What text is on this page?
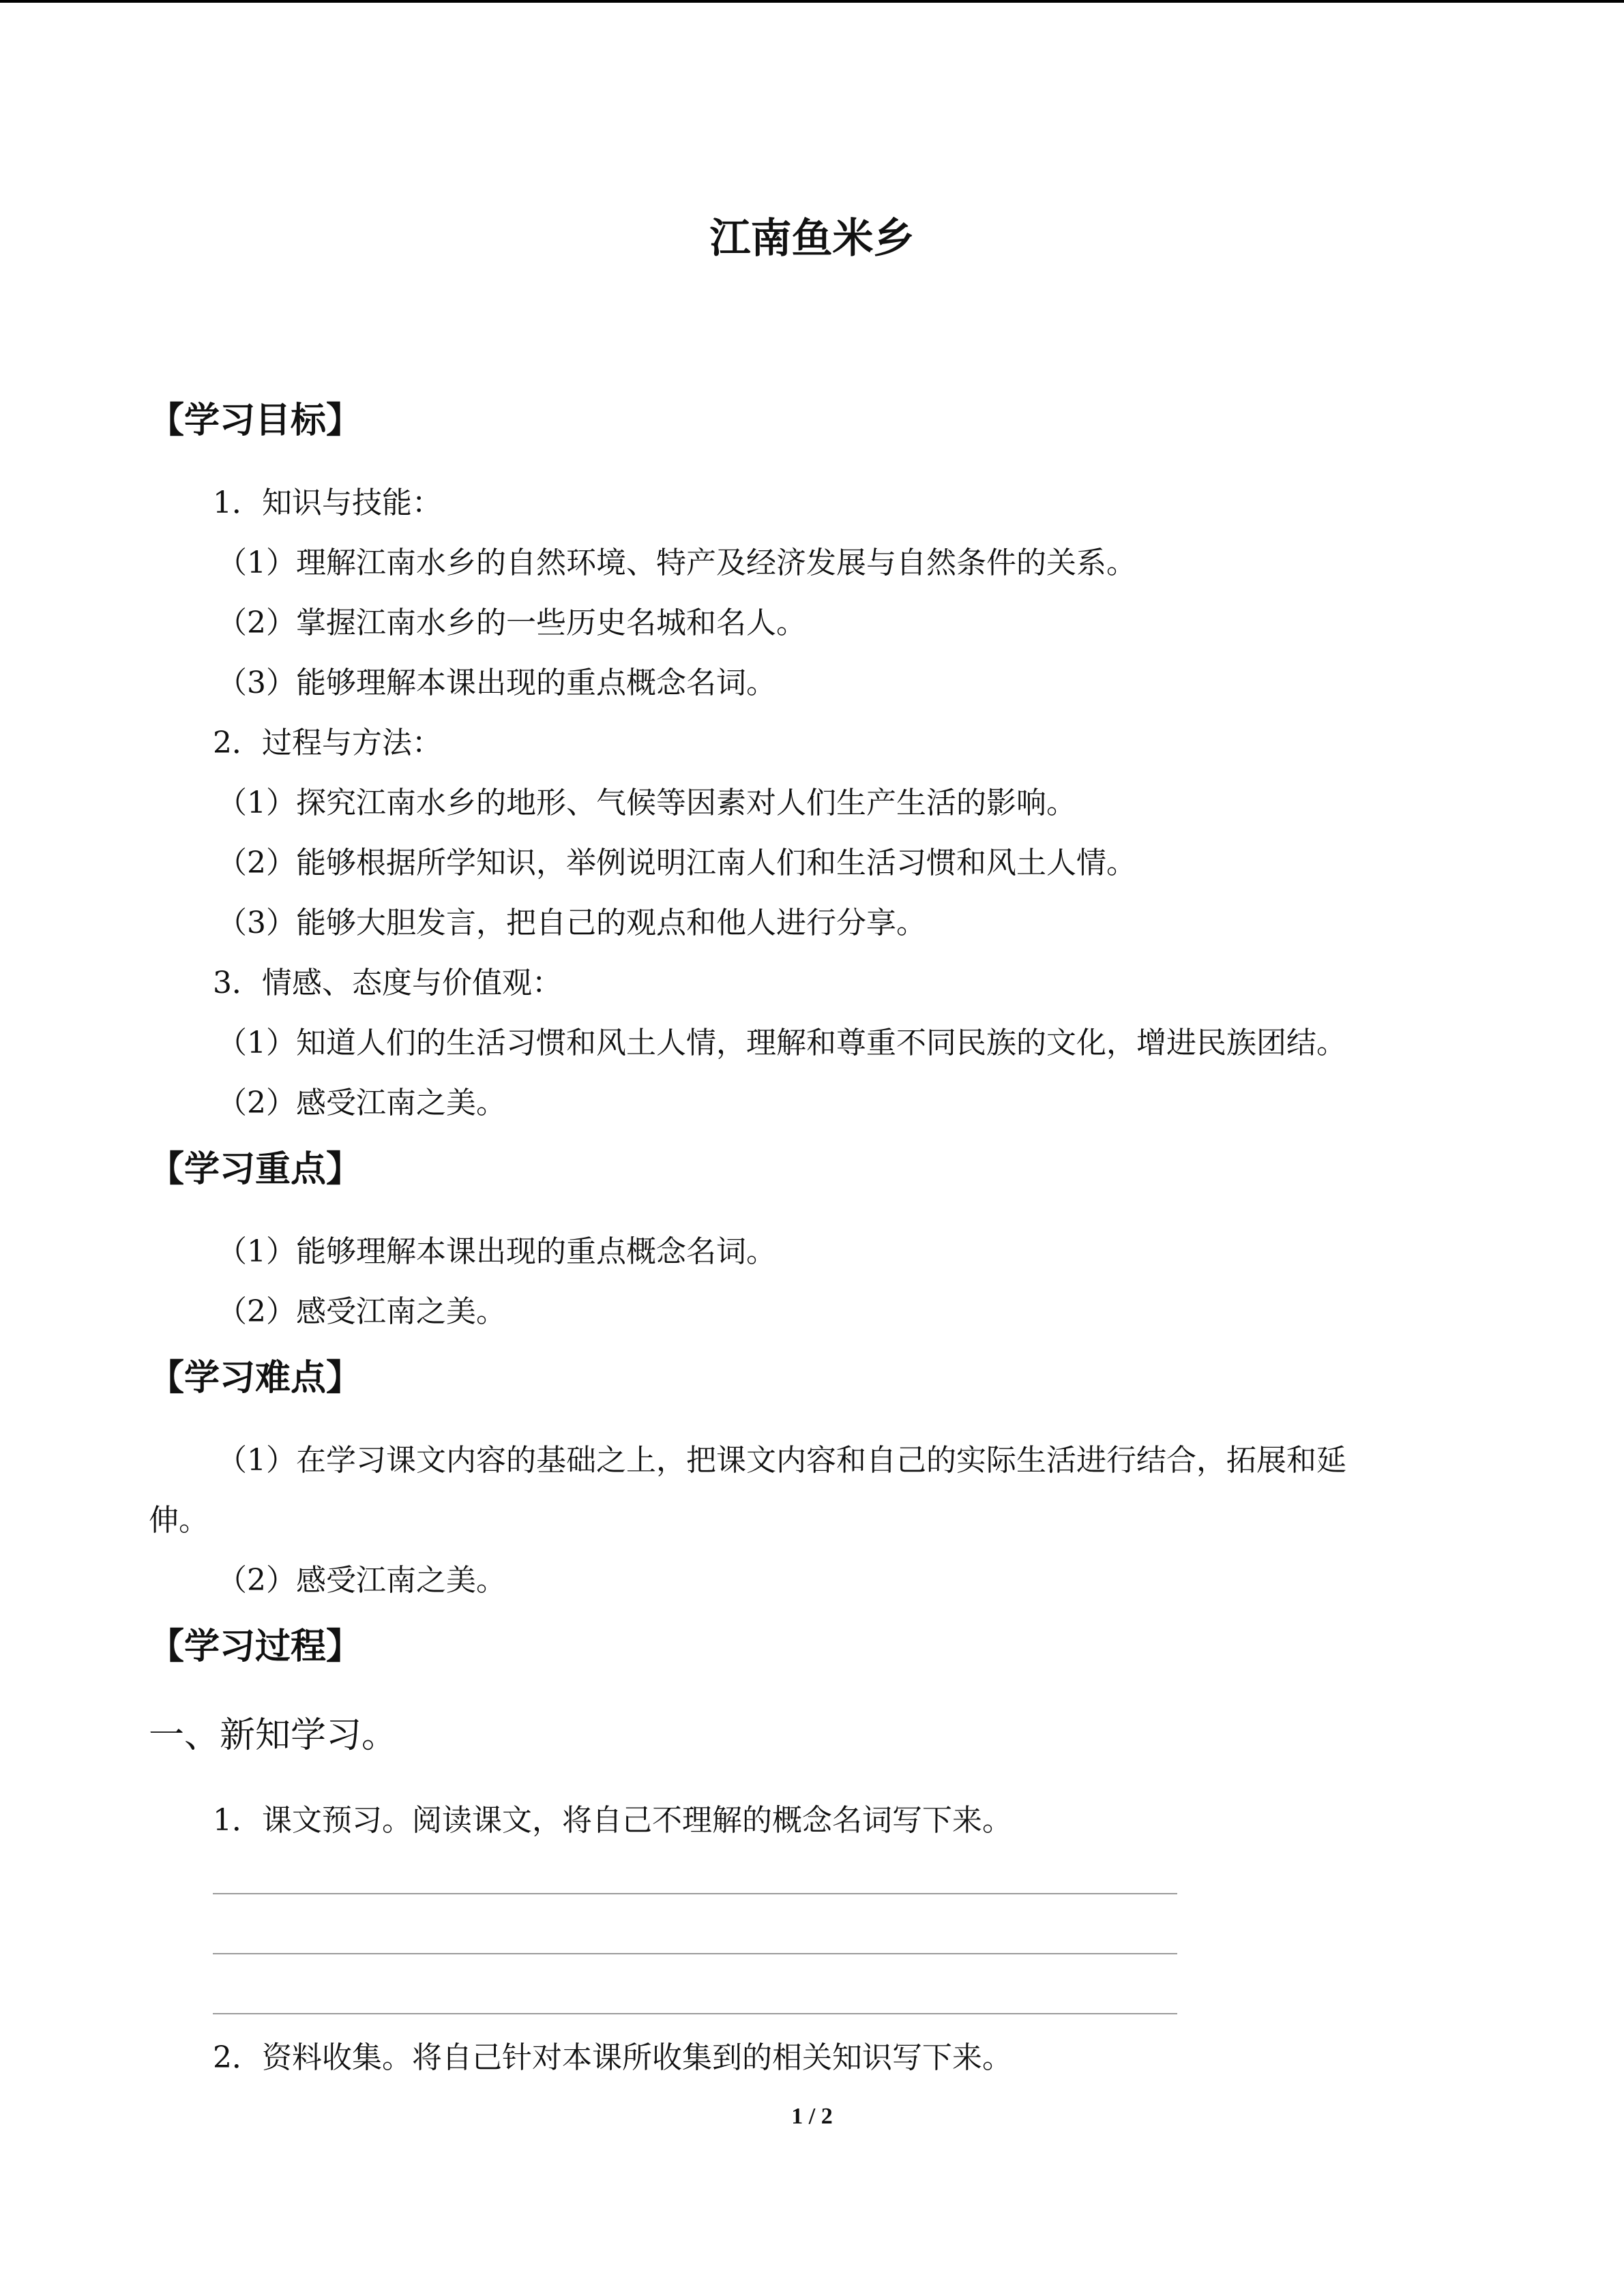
江南鱼米乡
【学习目标】
1．知识与技能：
（1）理解江南水乡的自然环境、特产及经济发展与自然条件的关系。
（2）掌握江南水乡的一些历史名城和名人。
（3）能够理解本课出现的重点概念名词。
2．过程与方法：
（1）探究江南水乡的地形、气候等因素对人们生产生活的影响。
（2）能够根据所学知识，举例说明江南人们和生活习惯和风土人情。
（3）能够大胆发言，把自己的观点和他人进行分享。
3．情感、态度与价值观：
（1）知道人们的生活习惯和风土人情，理解和尊重不同民族的文化，增进民族团结。
（2）感受江南之美。
【学习重点】
（1）能够理解本课出现的重点概念名词。
（2）感受江南之美。
【学习难点】
（1）在学习课文内容的基础之上，把课文内容和自己的实际生活进行结合，拓展和延
伸。
（2）感受江南之美。
【学习过程】
一、新知学习。
1．课文预习。阅读课文，将自己不理解的概念名词写下来。
2．资料收集。将自己针对本课所收集到的相关知识写下来。
1 / 2
